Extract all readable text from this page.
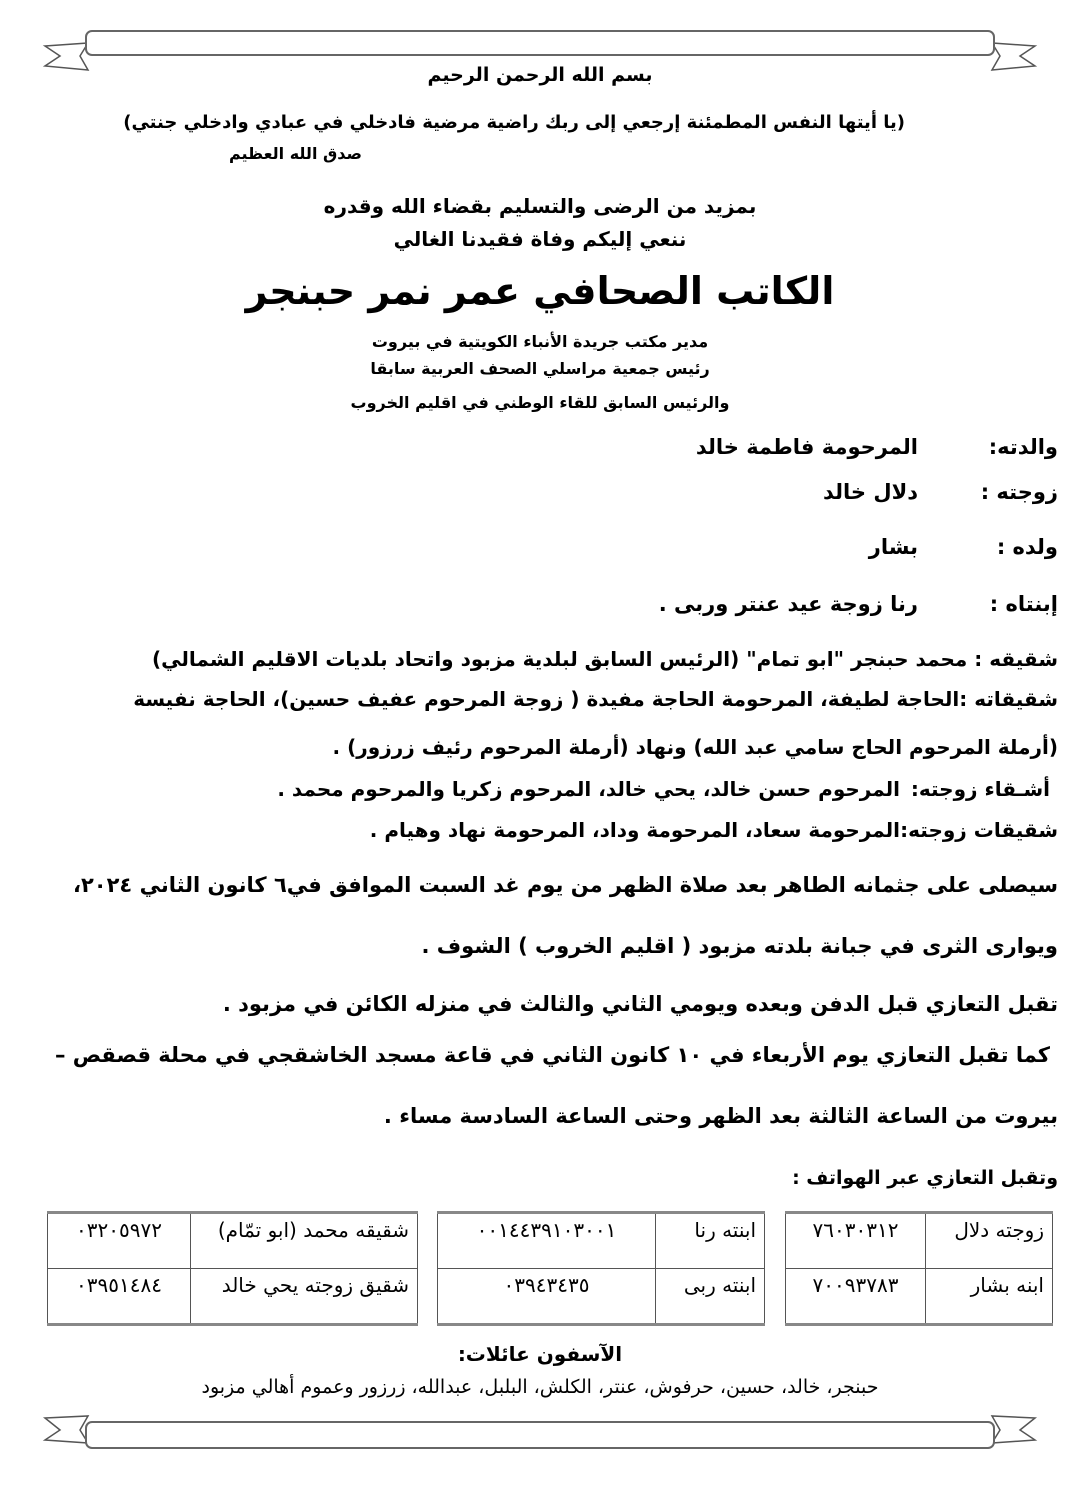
بسم الله الرحمن الرحيم
(يا أيتها النفس المطمئنة إرجعي إلى ربك راضية مرضية فادخلي في عبادي وادخلي جنتي)
صدق الله العظيم
بمزيد من الرضى والتسليم بقضاء الله وقدره
ننعي إليكم وفاة فقيدنا الغالي
الكاتب الصحافي عمر نمر حبنجر
مدير مكتب جريدة الأنباء الكويتية في بيروت
رئيس جمعية مراسلي الصحف العربية سابقا
والرئيس السابق للقاء الوطني في اقليم الخروب
والدته:المرحومة فاطمة خالد
زوجته :دلال خالد
ولده :بشار
إبنتاه :رنا زوجة عيد عنتر وربى .
شقيقه : محمد حبنجر "ابو تمام" (الرئيس السابق لبلدية مزبود واتحاد بلديات الاقليم الشمالي)
شقيقاته :الحاجة لطيفة، المرحومة الحاجة مفيدة ( زوجة المرحوم عفيف حسين)، الحاجة نفيسة
(أرملة المرحوم الحاج سامي عبد الله) ونهاد (أرملة المرحوم رئيف زرزور) .
أشـقاء زوجته:المرحوم حسن خالد، يحي خالد، المرحوم زكريا والمرحوم محمد .
شقيقات زوجته:المرحومة سعاد، المرحومة وداد، المرحومة نهاد وهيام .
سيصلى على جثمانه الطاهر بعد صلاة الظهر من يوم غد السبت الموافق في٦ كانون الثاني ٢٠٢٤،
ويوارى الثرى في جبانة بلدته مزبود ( اقليم الخروب ) الشوف .
تقبل التعازي قبل الدفن وبعده ويومي الثاني والثالث في منزله الكائن في مزبود .
كما تقبل التعازي يوم الأربعاء في ١٠ كانون الثاني في قاعة مسجد الخاشقجي في محلة قصقص –
بيروت من الساعة الثالثة بعد الظهر وحتى الساعة السادسة مساء .
وتقبل التعازي عبر الهواتف :
زوجته دلال	٧٦٠٣٠٣١٢
ابنه بشار	٧٠٠٩٣٧٨٣
ابنته رنا	٠٠١٤٤٣٩١٠٣٠٠١
ابنته ربى	٠٣٩٤٣٤٣٥
شقيقه محمد (ابو تمّام)	٠٣٢٠٥٩٧٢
شقيق زوجته يحي خالد	٠٣٩٥١٤٨٤
الآسفون عائلات:
حبنجر، خالد، حسين، حرفوش، عنتر، الكلش، البلبل، عبدالله، زرزور وعموم أهالي مزبود
